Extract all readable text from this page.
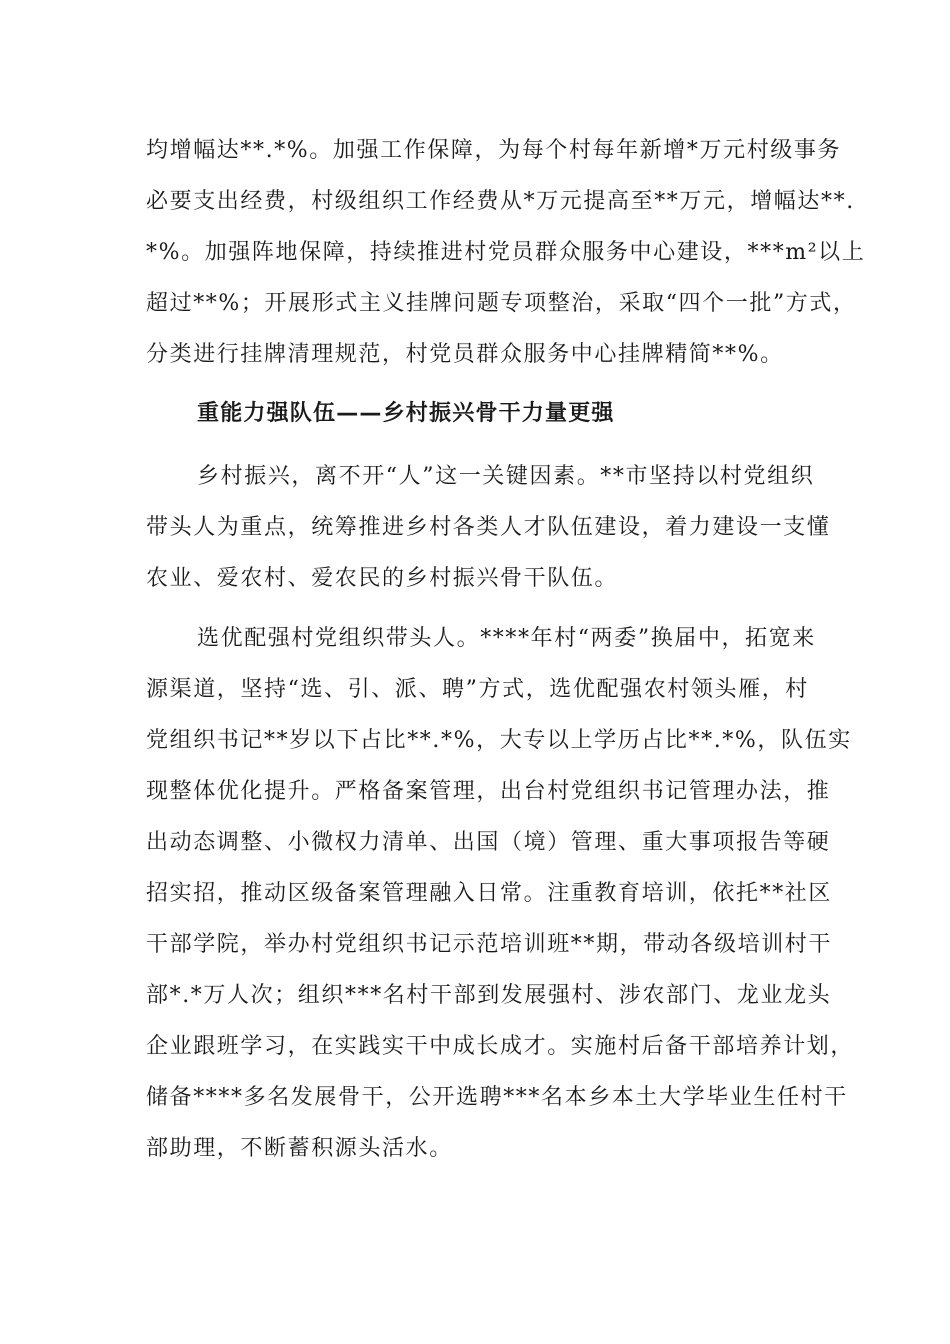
均增幅达**.*%。加强工作保障，为每个村每年新增*万元村级事务
必要支出经费，村级组织工作经费从*万元提高至**万元，增幅达**.
*%。加强阵地保障，持续推进村党员群众服务中心建设，***m²以上
超过**%；开展形式主义挂牌问题专项整治，采取“四个一批”方式，
分类进行挂牌清理规范，村党员群众服务中心挂牌精简**%。
重能力强队伍——乡村振兴骨干力量更强
乡村振兴，离不开“人”这一关键因素。**市坚持以村党组织
带头人为重点，统筹推进乡村各类人才队伍建设，着力建设一支懂
农业、爱农村、爱农民的乡村振兴骨干队伍。
选优配强村党组织带头人。****年村“两委”换届中，拓宽来
源渠道，坚持“选、引、派、聘”方式，选优配强农村领头雁，村
党组织书记**岁以下占比**.*%，大专以上学历占比**.*%，队伍实
现整体优化提升。严格备案管理，出台村党组织书记管理办法，推
出动态调整、小微权力清单、出国（境）管理、重大事项报告等硬
招实招，推动区级备案管理融入日常。注重教育培训，依托**社区
干部学院，举办村党组织书记示范培训班**期，带动各级培训村干
部*.*万人次；组织***名村干部到发展强村、涉农部门、龙业龙头
企业跟班学习，在实践实干中成长成才。实施村后备干部培养计划，
储备****多名发展骨干，公开选聘***名本乡本土大学毕业生任村干
部助理，不断蓄积源头活水。
